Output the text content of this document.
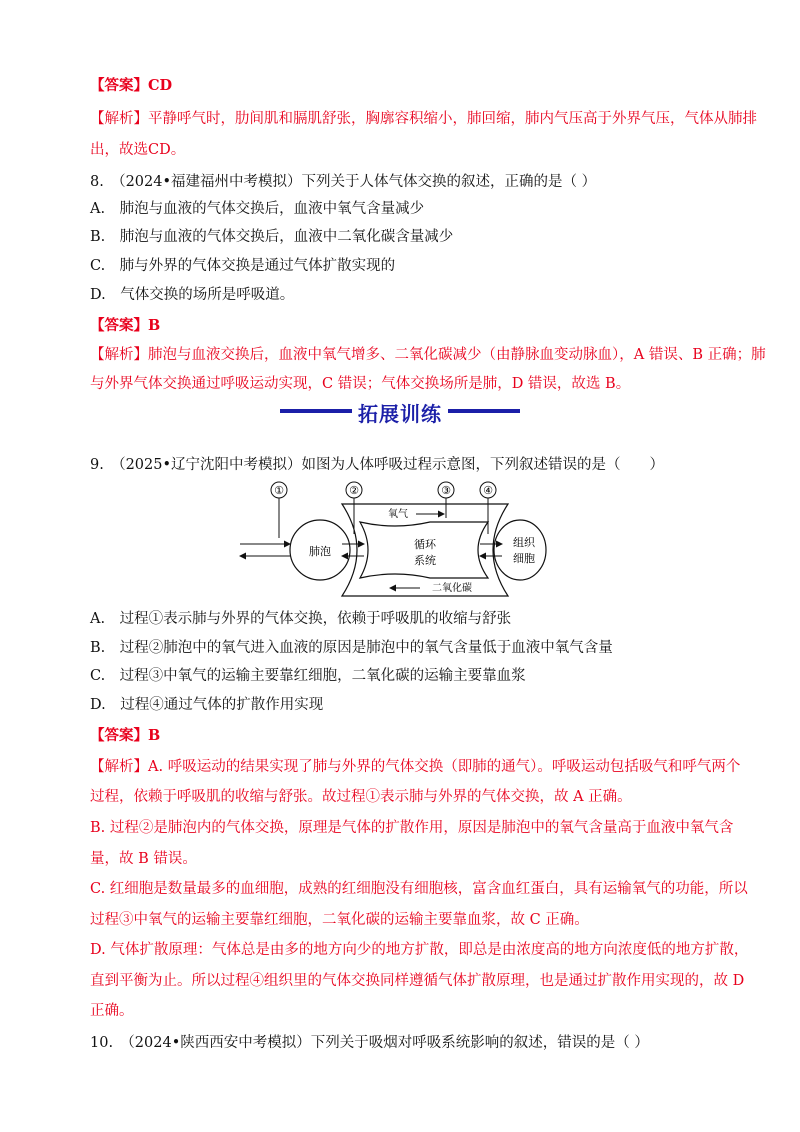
【答案】CD
【解析】平静呼气时，肋间肌和膈肌舒张，胸廓容积缩小，肺回缩，肺内气压高于外界气压，气体从肺排
出，故选CD。
8.　（2024•福建福州中考模拟）下列关于人体气体交换的叙述，正确的是（ ）
A.　肺泡与血液的气体交换后，血液中氧气含量减少
B.　肺泡与血液的气体交换后，血液中二氧化碳含量减少
C.　肺与外界的气体交换是通过气体扩散实现的
D.　气体交换的场所是呼吸道。
【答案】B
【解析】肺泡与血液交换后，血液中氧气增多、二氧化碳减少（由静脉血变动脉血），A 错误、B 正确；肺
与外界气体交换通过呼吸运动实现，C 错误；气体交换场所是肺，D 错误，故选 B。
拓展训练
9.　（2025•辽宁沈阳中考模拟）如图为人体呼吸过程示意图，下列叙述错误的是（　　）
①	②	③	④
肺泡
组织
细胞
循环
系统
氧气
二氧化碳
A.　过程①表示肺与外界的气体交换，依赖于呼吸肌的收缩与舒张
B.　过程②肺泡中的氧气进入血液的原因是肺泡中的氧气含量低于血液中氧气含量
C.　过程③中氧气的运输主要靠红细胞，二氧化碳的运输主要靠血浆
D.　过程④通过气体的扩散作用实现
【答案】B
【解析】A. 呼吸运动的结果实现了肺与外界的气体交换（即肺的通气）。呼吸运动包括吸气和呼气两个
过程，依赖于呼吸肌的收缩与舒张。故过程①表示肺与外界的气体交换，故 A 正确。
B. 过程②是肺泡内的气体交换，原理是气体的扩散作用，原因是肺泡中的氧气含量高于血液中氧气含
量，故 B 错误。
C. 红细胞是数量最多的血细胞，成熟的红细胞没有细胞核，富含血红蛋白，具有运输氧气的功能，所以
过程③中氧气的运输主要靠红细胞，二氧化碳的运输主要靠血浆，故 C 正确。
D. 气体扩散原理：气体总是由多的地方向少的地方扩散，即总是由浓度高的地方向浓度低的地方扩散，
直到平衡为止。所以过程④组织里的气体交换同样遵循气体扩散原理，也是通过扩散作用实现的，故 D
正确。
10.　（2024•陕西西安中考模拟）下列关于吸烟对呼吸系统影响的叙述，错误的是（ ）
